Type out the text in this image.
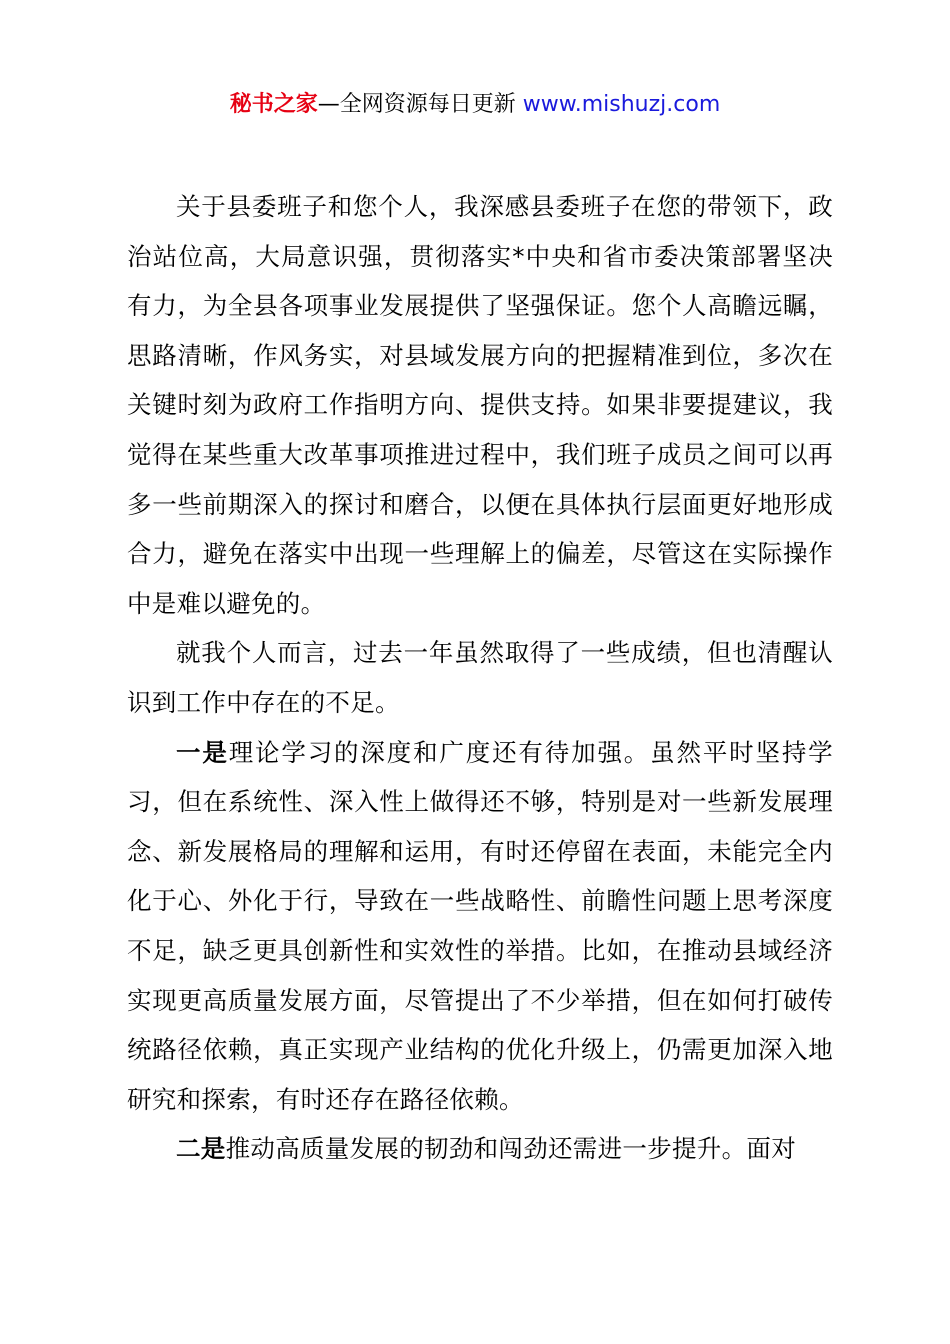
秘书之家—全网资源每日更新 www.mishuzj.com

关于县委班子和您个人，我深感县委班子在您的带领下，政治站位高，大局意识强，贯彻落实*中央和省市委决策部署坚决有力，为全县各项事业发展提供了坚强保证。您个人高瞻远瞩，思路清晰，作风务实，对县域发展方向的把握精准到位，多次在关键时刻为政府工作指明方向、提供支持。如果非要提建议，我觉得在某些重大改革事项推进过程中，我们班子成员之间可以再多一些前期深入的探讨和磨合，以便在具体执行层面更好地形成合力，避免在落实中出现一些理解上的偏差，尽管这在实际操作中是难以避免的。

就我个人而言，过去一年虽然取得了一些成绩，但也清醒认识到工作中存在的不足。

一是理论学习的深度和广度还有待加强。虽然平时坚持学习，但在系统性、深入性上做得还不够，特别是对一些新发展理念、新发展格局的理解和运用，有时还停留在表面，未能完全内化于心、外化于行，导致在一些战略性、前瞻性问题上思考深度不足，缺乏更具创新性和实效性的举措。比如，在推动县域经济实现更高质量发展方面，尽管提出了不少举措，但在如何打破传统路径依赖，真正实现产业结构的优化升级上，仍需更加深入地研究和探索，有时还存在路径依赖。

二是推动高质量发展的韧劲和闯劲还需进一步提升。面对
